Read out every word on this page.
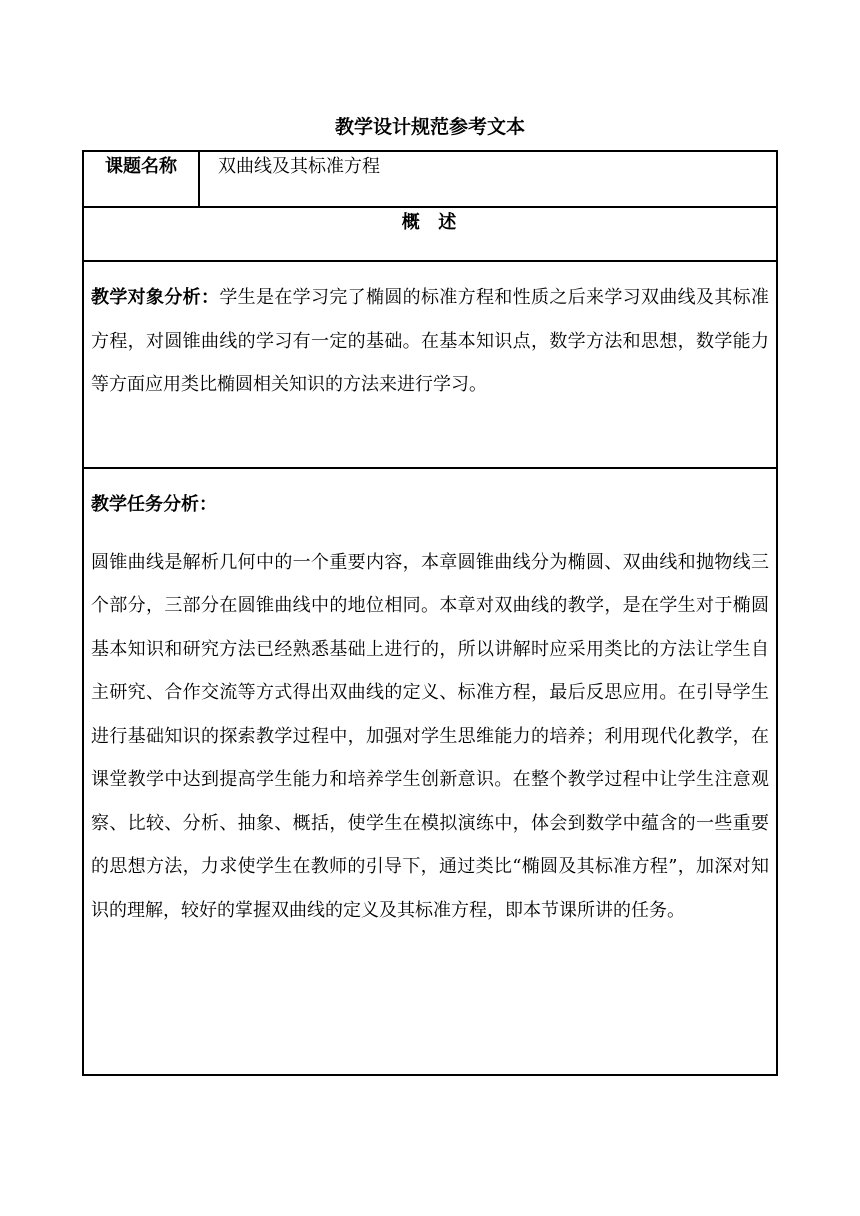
教学设计规范参考文本
课题名称	双曲线及其标准方程
概  述
教学对象分析：学生是在学习完了椭圆的标准方程和性质之后来学习双曲线及其标准方程，对圆锥曲线的学习有一定的基础。在基本知识点，数学方法和思想，数学能力等方面应用类比椭圆相关知识的方法来进行学习。
教学任务分析：
圆锥曲线是解析几何中的一个重要内容，本章圆锥曲线分为椭圆、双曲线和抛物线三个部分，三部分在圆锥曲线中的地位相同。本章对双曲线的教学，是在学生对于椭圆基本知识和研究方法已经熟悉基础上进行的，所以讲解时应采用类比的方法让学生自主研究、合作交流等方式得出双曲线的定义、标准方程，最后反思应用。在引导学生进行基础知识的探索教学过程中，加强对学生思维能力的培养；利用现代化教学，在课堂教学中达到提高学生能力和培养学生创新意识。在整个教学过程中让学生注意观察、比较、分析、抽象、概括，使学生在模拟演练中，体会到数学中蕴含的一些重要的思想方法，力求使学生在教师的引导下，通过类比“椭圆及其标准方程”，加深对知识的理解，较好的掌握双曲线的定义及其标准方程，即本节课所讲的任务。
